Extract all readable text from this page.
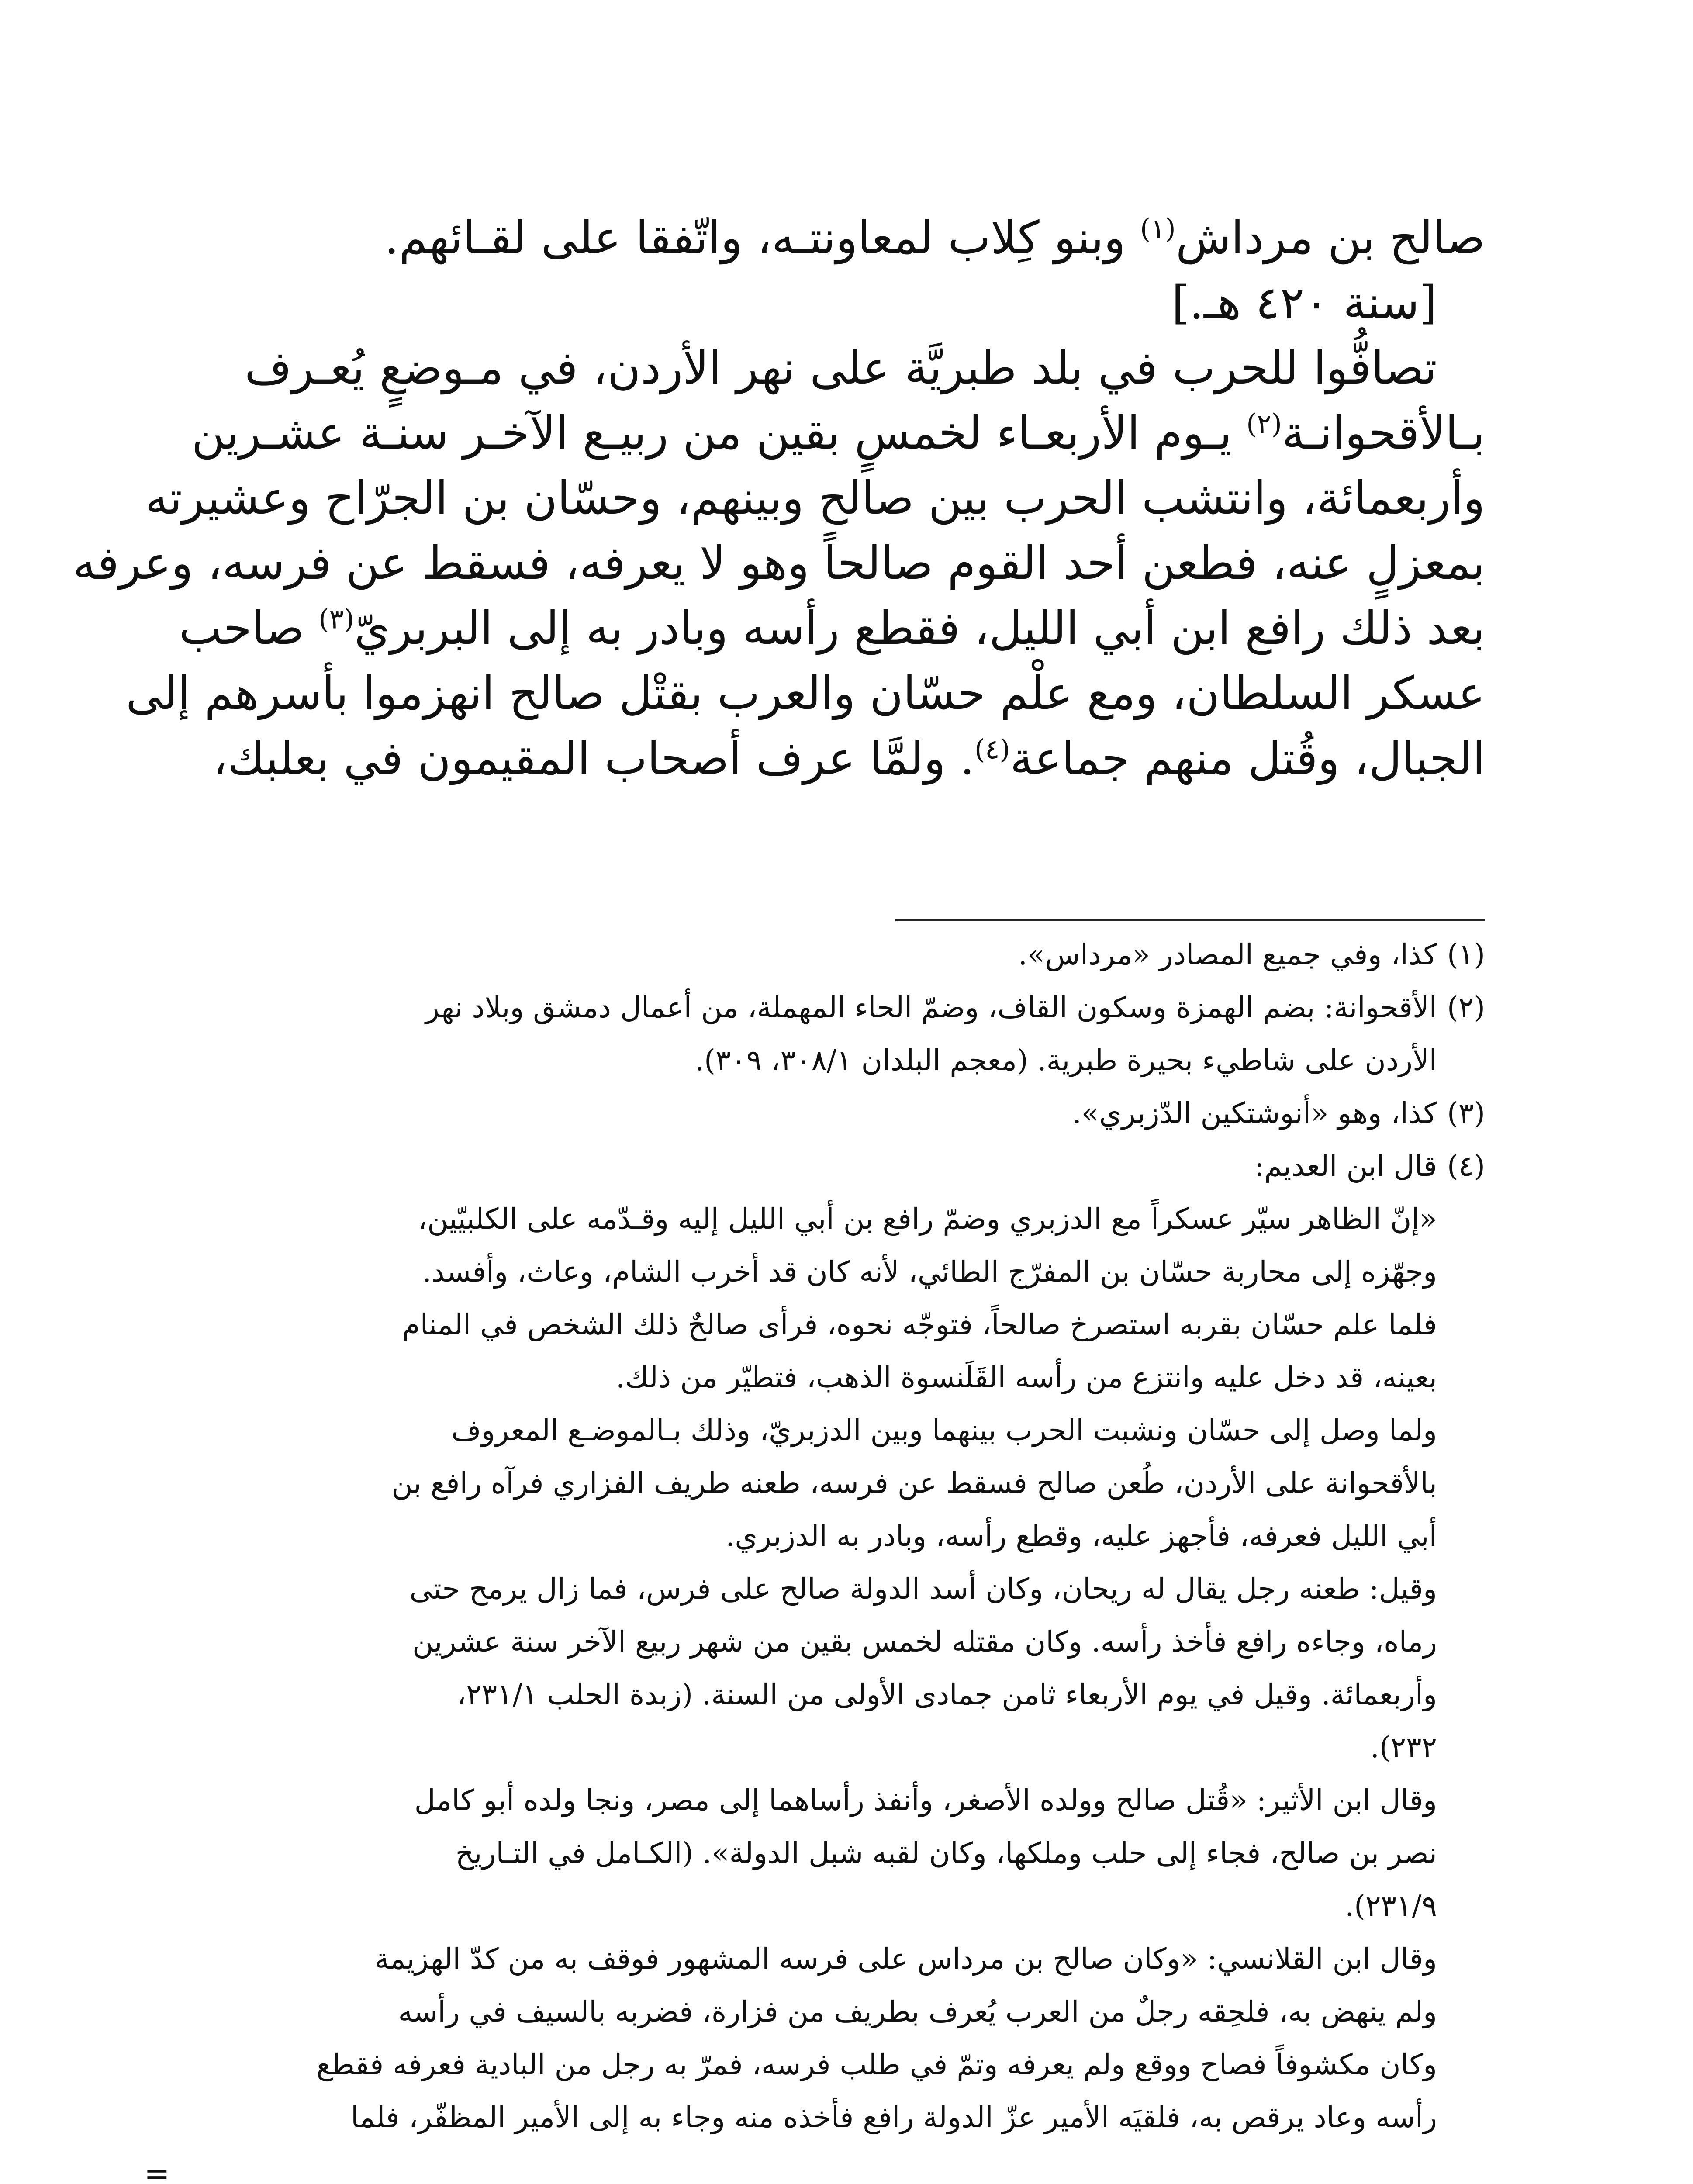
صالح بن مرداش$^{(١)}$ وبنو كِلاب لمعاونتـه، واتّفقا على لقـائهم.
[سنة ٤٢٠ هـ.]
تصافُّوا للحرب في بلد طبريَّة على نهر الأردن، في مـوضعٍ يُعـرف
بـالأقحوانـة$^{(٢)}$ يـوم الأربعـاء لخمسٍ بقين من ربيـع الآخـر سنـة عشـرين
وأربعمائة، وانتشب الحرب بين صالح وبينهم، وحسّان بن الجرّاح وعشيرته
بمعزلٍ عنه، فطعن أحد القوم صالحاً وهو لا يعرفه، فسقط عن فرسه، وعرفه
بعد ذلك رافع ابن أبي الليل، فقطع رأسه وبادر به إلى البربريّ$^{(٣)}$ صاحب
عسكر السلطان، ومع علْم حسّان والعرب بقتْل صالح انهزموا بأسرهم إلى
الجبال، وقُتل منهم جماعة$^{(٤)}$. ولمَّا عرف أصحاب المقيمون في بعلبك،
(١)
كذا، وفي جميع المصادر «مرداس».
(٢)
الأقحوانة: بضم الهمزة وسكون القاف، وضمّ الحاء المهملة، من أعمال دمشق وبلاد نهر
الأردن على شاطيء بحيرة طبرية. (معجم البلدان ٣٠٨/١، ٣٠٩).
(٣)
كذا، وهو «أنوشتكين الدّزبري».
(٤)
قال ابن العديم:
«إنّ الظاهر سيّر عسكراً مع الدزبري وضمّ رافع بن أبي الليل إليه وقـدّمه على الكلبيّين،
وجهّزه إلى محاربة حسّان بن المفرّج الطائي، لأنه كان قد أخرب الشام، وعاث، وأفسد.
فلما علم حسّان بقربه استصرخ صالحاً، فتوجّه نحوه، فرأى صالحٌ ذلك الشخص في المنام
بعينه، قد دخل عليه وانتزع من رأسه القَلَنسوة الذهب، فتطيّر من ذلك.
ولما وصل إلى حسّان ونشبت الحرب بينهما وبين الدزبريّ، وذلك بـالموضـع المعروف
بالأقحوانة على الأردن، طُعن صالح فسقط عن فرسه، طعنه طريف الفزاري فرآه رافع بن
أبي الليل فعرفه، فأجهز عليه، وقطع رأسه، وبادر به الدزبري.
وقيل: طعنه رجل يقال له ريحان، وكان أسد الدولة صالح على فرس، فما زال يرمح حتى
رماه، وجاءه رافع فأخذ رأسه. وكان مقتله لخمس بقين من شهر ربيع الآخر سنة عشرين
وأربعمائة. وقيل في يوم الأربعاء ثامن جمادى الأولى من السنة. (زبدة الحلب ٢٣١/١،
٢٣٢).
وقال ابن الأثير: «قُتل صالح وولده الأصغر، وأنفذ رأساهما إلى مصر، ونجا ولده أبو كامل
نصر بن صالح، فجاء إلى حلب وملكها، وكان لقبه شبل الدولة». (الكـامل في التـاريخ
٢٣١/٩).
وقال ابن القلانسي: «وكان صالح بن مرداس على فرسه المشهور فوقف به من كدّ الهزيمة
ولم ينهض به، فلحِقه رجلٌ من العرب يُعرف بطريف من فزارة، فضربه بالسيف في رأسه
وكان مكشوفاً فصاح ووقع ولم يعرفه وتمّ في طلب فرسه، فمرّ به رجل من البادية فعرفه فقطع
رأسه وعاد يرقص به، فلقيَه الأمير عزّ الدولة رافع فأخذه منه وجاء به إلى الأمير المظفّر، فلما
=
